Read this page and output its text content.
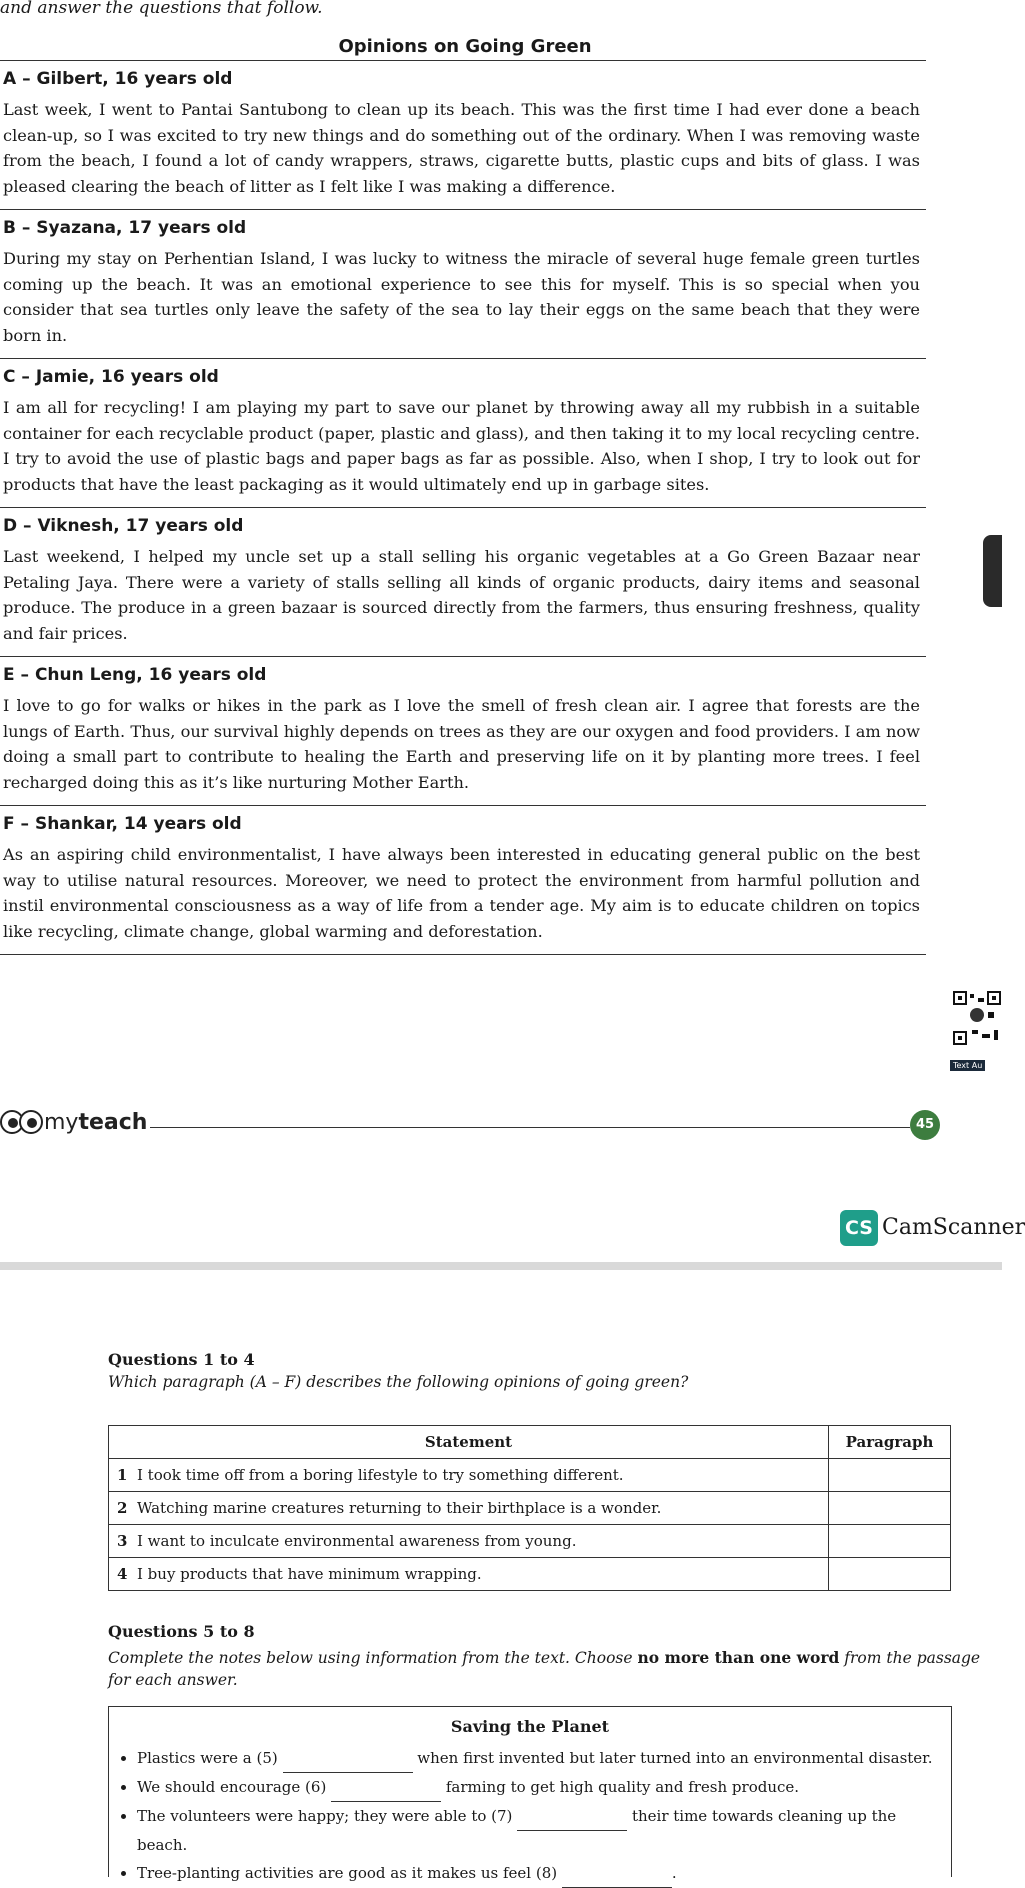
and answer the questions that follow.
Opinions on Going Green
A – Gilbert, 16 years old

Last week, I went to Pantai Santubong to clean up its beach. This was the first time I had ever done a beach clean-up, so I was excited to try new things and do something out of the ordinary. When I was removing waste from the beach, I found a lot of candy wrappers, straws, cigarette butts, plastic cups and bits of glass. I was pleased clearing the beach of litter as I felt like I was making a difference.

B – Syazana, 17 years old

During my stay on Perhentian Island, I was lucky to witness the miracle of several huge female green turtles coming up the beach. It was an emotional experience to see this for myself. This is so special when you consider that sea turtles only leave the safety of the sea to lay their eggs on the same beach that they were born in.

C – Jamie, 16 years old

I am all for recycling! I am playing my part to save our planet by throwing away all my rubbish in a suitable container for each recyclable product (paper, plastic and glass), and then taking it to my local recycling centre. I try to avoid the use of plastic bags and paper bags as far as possible. Also, when I shop, I try to look out for products that have the least packaging as it would ultimately end up in garbage sites.

D – Viknesh, 17 years old

Last weekend, I helped my uncle set up a stall selling his organic vegetables at a Go Green Bazaar near Petaling Jaya. There were a variety of stalls selling all kinds of organic products, dairy items and seasonal produce. The produce in a green bazaar is sourced directly from the farmers, thus ensuring freshness, quality and fair prices.

E – Chun Leng, 16 years old

I love to go for walks or hikes in the park as I love the smell of fresh clean air. I agree that forests are the lungs of Earth. Thus, our survival highly depends on trees as they are our oxygen and food providers. I am now doing a small part to contribute to healing the Earth and preserving life on it by planting more trees. I feel recharged doing this as it’s like nurturing Mother Earth.

F – Shankar, 14 years old

As an aspiring child environmentalist, I have always been interested in educating general public on the best way to utilise natural resources. Moreover, we need to protect the environment from harmful pollution and instil environmental consciousness as a way of life from a tender age. My aim is to educate children on topics like recycling, climate change, global warming and deforestation.

Text Au
myteach	45
CS CamScanner

Questions 1 to 4

Which paragraph (A – F) describes the following opinions of going green?

Statement	Paragraph
1 I took time off from a boring lifestyle to try something different.	
2 Watching marine creatures returning to their birthplace is a wonder.	
3 I want to inculcate environmental awareness from young.	
4 I buy products that have minimum wrapping.	

Questions 5 to 8

Complete the notes below using information from the text. Choose no more than one word from the passage for each answer.

Saving the Planet
• Plastics were a (5)	when first invented but later turned into an environmental disaster.
• We should encourage (6)	farming to get high quality and fresh produce.
• The volunteers were happy; they were able to (7)	their time towards cleaning up the beach.
• Tree-planting activities are good as it makes us feel (8)	.
